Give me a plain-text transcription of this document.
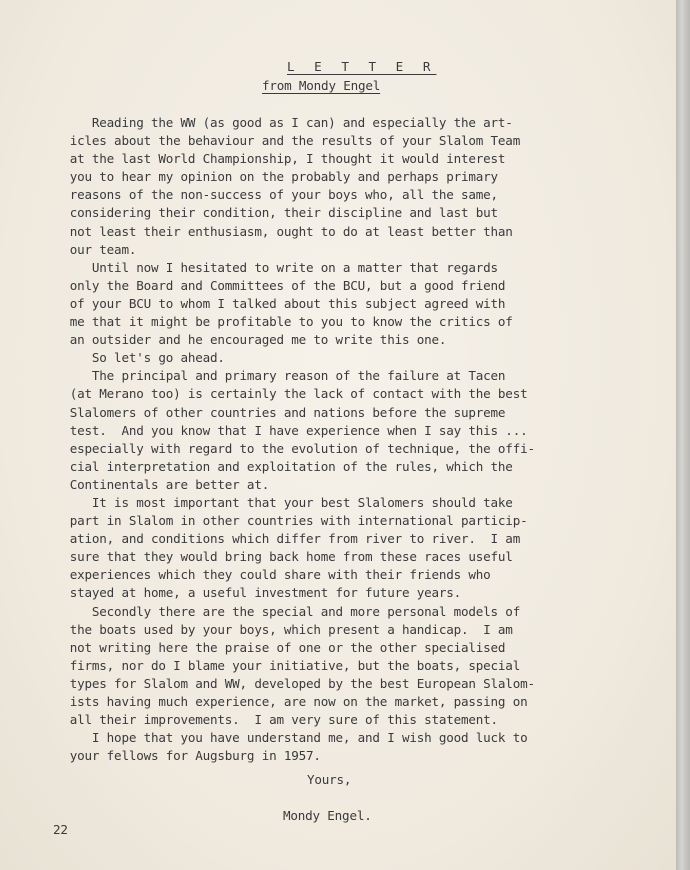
L E T T E R
from Mondy Engel
Reading the WW (as good as I can) and especially the art-
icles about the behaviour and the results of your Slalom Team
at the last World Championship, I thought it would interest
you to hear my opinion on the probably and perhaps primary
reasons of the non-success of your boys who, all the same,
considering their condition, their discipline and last but
not least their enthusiasm, ought to do at least better than
our team.
Until now I hesitated to write on a matter that regards
only the Board and Committees of the BCU, but a good friend
of your BCU to whom I talked about this subject agreed with
me that it might be profitable to you to know the critics of
an outsider and he encouraged me to write this one.
So let's go ahead.
The principal and primary reason of the failure at Tacen
(at Merano too) is certainly the lack of contact with the best
Slalomers of other countries and nations before the supreme
test.  And you know that I have experience when I say this ...
especially with regard to the evolution of technique, the offi-
cial interpretation and exploitation of the rules, which the
Continentals are better at.
It is most important that your best Slalomers should take
part in Slalom in other countries with international particip-
ation, and conditions which differ from river to river.  I am
sure that they would bring back home from these races useful
experiences which they could share with their friends who
stayed at home, a useful investment for future years.
Secondly there are the special and more personal models of
the boats used by your boys, which present a handicap.  I am
not writing here the praise of one or the other specialised
firms, nor do I blame your initiative, but the boats, special
types for Slalom and WW, developed by the best European Slalom-
ists having much experience, are now on the market, passing on
all their improvements.  I am very sure of this statement.
I hope that you have understand me, and I wish good luck to
your fellows for Augsburg in 1957.
Yours,
Mondy Engel.
22
